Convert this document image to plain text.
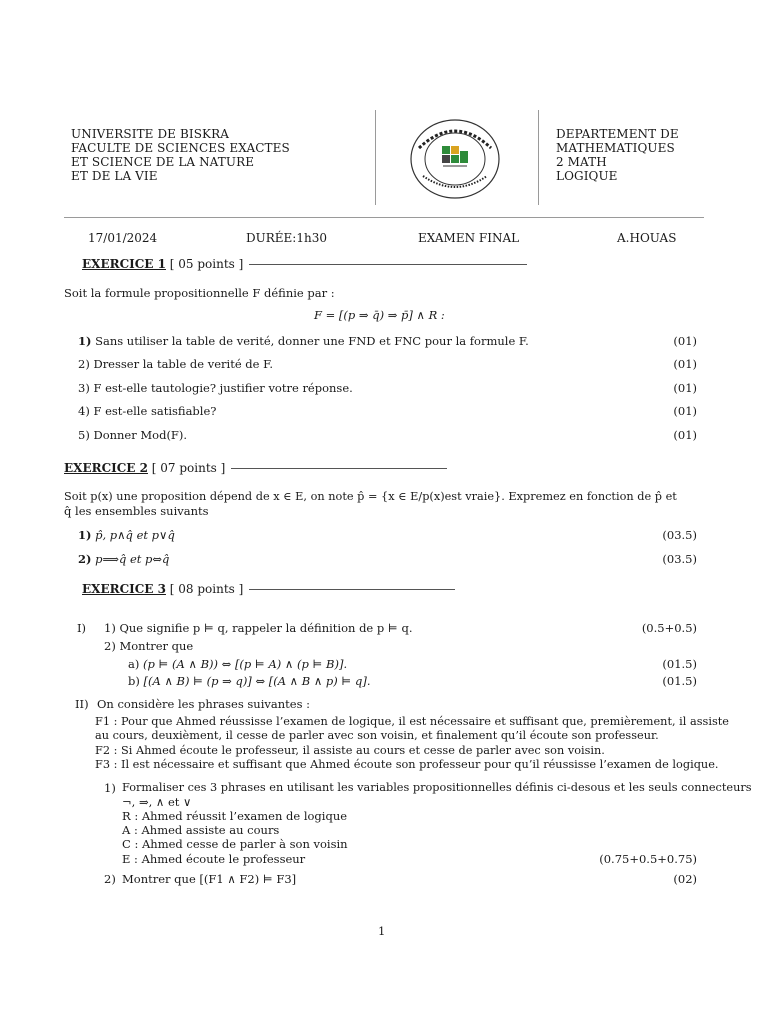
UNIVERSITE DE BISKRA
FACULTE DE SCIENCES EXACTES
ET SCIENCE DE LA NATURE
ET DE LA VIE
DEPARTEMENT DE
MATHEMATIQUES
2 MATH
LOGIQUE
17/01/2024	DURÉE:1h30	EXAMEN FINAL	A.HOUAS
EXERCICE 1 [ 05 points ]
Soit la formule propositionnelle F définie par :
F = [(p ⇒ q̄) ⇒ p̄] ∧ R :
1) Sans utiliser la table de verité, donner une FND et FNC pour la formule F.	(01)
2) Dresser la table de verité de F.	(01)
3) F est-elle tautologie? justifier votre réponse.	(01)
4) F est-elle satisfiable?	(01)
5) Donner Mod(F).	(01)
EXERCICE 2 [ 07 points ]
Soit p(x) une proposition dépend de x ∈ E, on note p̂ = {x ∈ E/p(x)est vraie}. Expremez en fonction de p̂ et
q̂ les ensembles suivants
1) p̂, p∧q̂ et p∨q̂	(03.5)
2) p⟹q̂ et p⇔q̂	(03.5)
EXERCICE 3 [ 08 points ]
I) 1) Que signifie p ⊨ q, rappeler la définition de p ⊨ q.	(0.5+0.5)
2) Montrer que
a) (p ⊨ (A ∧ B)) ⇔ [(p ⊨ A) ∧ (p ⊨ B)].	(01.5)
b) [(A ∧ B) ⊨ (p ⇒ q)] ⇔ [(A ∧ B ∧ p) ⊨ q].	(01.5)
II) On considère les phrases suivantes :
F1 : Pour que Ahmed réussisse l’examen de logique, il est nécessaire et suffisant que, premièrement, il assiste
au cours, deuxièment, il cesse de parler avec son voisin, et finalement qu’il écoute son professeur.
F2 : Si Ahmed écoute le professeur, il assiste au cours et cesse de parler avec son voisin.
F3 : Il est nécessaire et suffisant que Ahmed écoute son professeur pour qu’il réussisse l’examen de logique.
1) Formaliser ces 3 phrases en utilisant les variables propositionnelles définis ci-desous et les seuls connecteurs
¬, ⇒, ∧ et ∨
R : Ahmed réussit l’examen de logique
A : Ahmed assiste au cours
C : Ahmed cesse de parler à son voisin
E : Ahmed écoute le professeur	(0.75+0.5+0.75)
2) Montrer que [(F1 ∧ F2) ⊨ F3]	(02)
1
